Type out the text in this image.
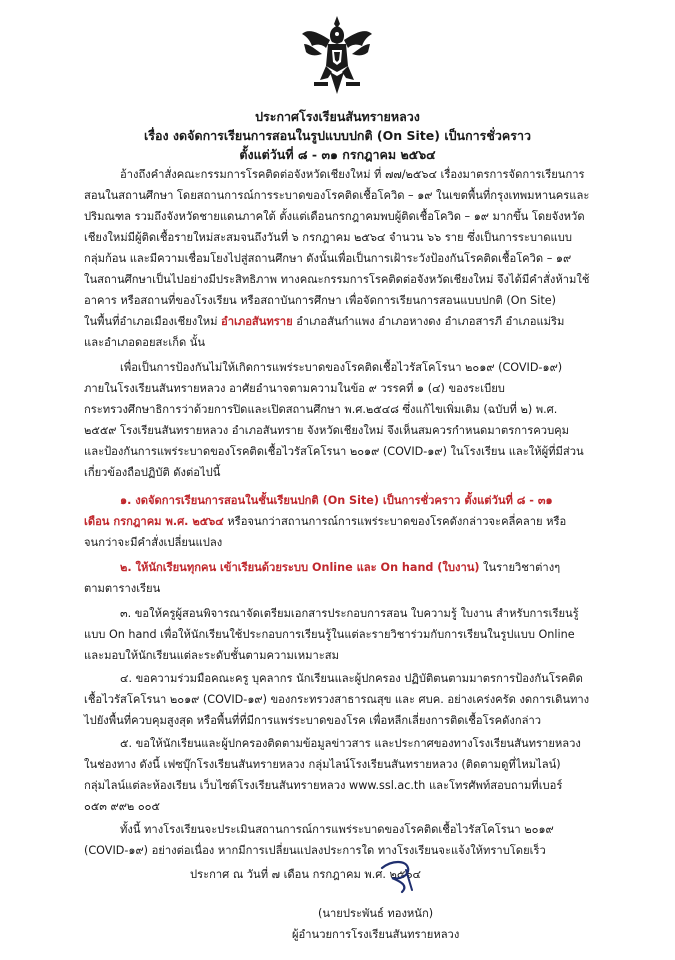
ประกาศโรงเรียนสันทรายหลวง
เรื่อง งดจัดการเรียนการสอนในรูปแบบปกติ (On Site) เป็นการชั่วคราว
ตั้งแต่วันที่ ๘ - ๓๑ กรกฎาคม ๒๕๖๔
อ้างถึงคำสั่งคณะกรรมการโรคติดต่อจังหวัดเชียงใหม่ ที่ ๗๗/๒๕๖๔ เรื่องมาตรการจัดการเรียนการ
สอนในสถานศึกษา โดยสถานการณ์การระบาดของโรคติดเชื้อโควิด – ๑๙ ในเขตพื้นที่กรุงเทพมหานครและ
ปริมณฑล รวมถึงจังหวัดชายแดนภาคใต้ ตั้งแต่เดือนกรกฎาคมพบผู้ติดเชื้อโควิด – ๑๙ มากขึ้น โดยจังหวัด
เชียงใหม่มีผู้ติดเชื้อรายใหม่สะสมจนถึงวันที่ ๖ กรกฎาคม ๒๕๖๔ จำนวน ๖๖ ราย ซึ่งเป็นการระบาดแบบ
กลุ่มก้อน และมีความเชื่อมโยงไปสู่สถานศึกษา ดังนั้นเพื่อเป็นการเฝ้าระวังป้องกันโรคติดเชื้อโควิด – ๑๙
ในสถานศึกษาเป็นไปอย่างมีประสิทธิภาพ ทางคณะกรรมการโรคติดต่อจังหวัดเชียงใหม่ จึงได้มีคำสั่งห้ามใช้
อาคาร หรือสถานที่ของโรงเรียน หรือสถาบันการศึกษา เพื่อจัดการเรียนการสอนแบบปกติ (On Site)
ในพื้นที่อำเภอเมืองเชียงใหม่ อำเภอสันทราย อำเภอสันกำแพง อำเภอหางดง อำเภอสารภี อำเภอแม่ริม
และอำเภอดอยสะเก็ด นั้น
เพื่อเป็นการป้องกันไม่ให้เกิดการแพร่ระบาดของโรคติดเชื้อไวรัสโคโรนา ๒๐๑๙ (COVID-๑๙)
ภายในโรงเรียนสันทรายหลวง อาศัยอำนาจตามความในข้อ ๙ วรรคที่ ๑ (๔) ของระเบียบ
กระทรวงศึกษาธิการว่าด้วยการปิดและเปิดสถานศึกษา พ.ศ.๒๕๔๘ ซึ่งแก้ไขเพิ่มเติม (ฉบับที่ ๒) พ.ศ.
๒๕๕๙ โรงเรียนสันทรายหลวง อำเภอสันทราย จังหวัดเชียงใหม่ จึงเห็นสมควรกำหนดมาตรการควบคุม
และป้องกันการแพร่ระบาดของโรคติดเชื้อไวรัสโคโรนา ๒๐๑๙ (COVID-๑๙) ในโรงเรียน และให้ผู้ที่มีส่วน
เกี่ยวข้องถือปฏิบัติ ดังต่อไปนี้
๑. งดจัดการเรียนการสอนในชั้นเรียนปกติ (On Site) เป็นการชั่วคราว ตั้งแต่วันที่ ๘ - ๓๑
เดือน กรกฎาคม พ.ศ. ๒๕๖๔ หรือจนกว่าสถานการณ์การแพร่ระบาดของโรคดังกล่าวจะคลี่คลาย หรือ
จนกว่าจะมีคำสั่งเปลี่ยนแปลง
๒. ให้นักเรียนทุกคน เข้าเรียนด้วยระบบ Online และ On hand (ใบงาน) ในรายวิชาต่างๆ
ตามตารางเรียน
๓. ขอให้ครูผู้สอนพิจารณาจัดเตรียมเอกสารประกอบการสอน ใบความรู้ ใบงาน สำหรับการเรียนรู้
แบบ On hand เพื่อให้นักเรียนใช้ประกอบการเรียนรู้ในแต่ละรายวิชาร่วมกับการเรียนในรูปแบบ Online
และมอบให้นักเรียนแต่ละระดับชั้นตามความเหมาะสม
๔. ขอความร่วมมือคณะครู บุคลากร นักเรียนและผู้ปกครอง ปฏิบัติตนตามมาตรการป้องกันโรคติด
เชื้อไวรัสโคโรนา ๒๐๑๙ (COVID-๑๙) ของกระทรวงสาธารณสุข และ ศบค. อย่างเคร่งครัด งดการเดินทาง
ไปยังพื้นที่ควบคุมสูงสุด หรือพื้นที่ที่มีการแพร่ระบาดของโรค เพื่อหลีกเลี่ยงการติดเชื้อโรคดังกล่าว
๕. ขอให้นักเรียนและผู้ปกครองติดตามข้อมูลข่าวสาร และประกาศของทางโรงเรียนสันทรายหลวง
ในช่องทาง ดังนี้ เฟซบุ๊กโรงเรียนสันทรายหลวง กลุ่มไลน์โรงเรียนสันทรายหลวง (ติดตามดูที่ไหมไลน์)
กลุ่มไลน์แต่ละห้องเรียน เว็บไซต์โรงเรียนสันทรายหลวง www.ssl.ac.th และโทรศัพท์สอบถามที่เบอร์
๐๕๓ ๙๙๒ ๐๐๕
ทั้งนี้ ทางโรงเรียนจะประเมินสถานการณ์การแพร่ระบาดของโรคติดเชื้อไวรัสโคโรนา ๒๐๑๙
(COVID-๑๙) อย่างต่อเนื่อง หากมีการเปลี่ยนแปลงประการใด ทางโรงเรียนจะแจ้งให้ทราบโดยเร็ว
ประกาศ ณ วันที่ ๗ เดือน กรกฎาคม พ.ศ. ๒๕๖๔
(นายประพันธ์ ทองหนัก)
ผู้อำนวยการโรงเรียนสันทรายหลวง
